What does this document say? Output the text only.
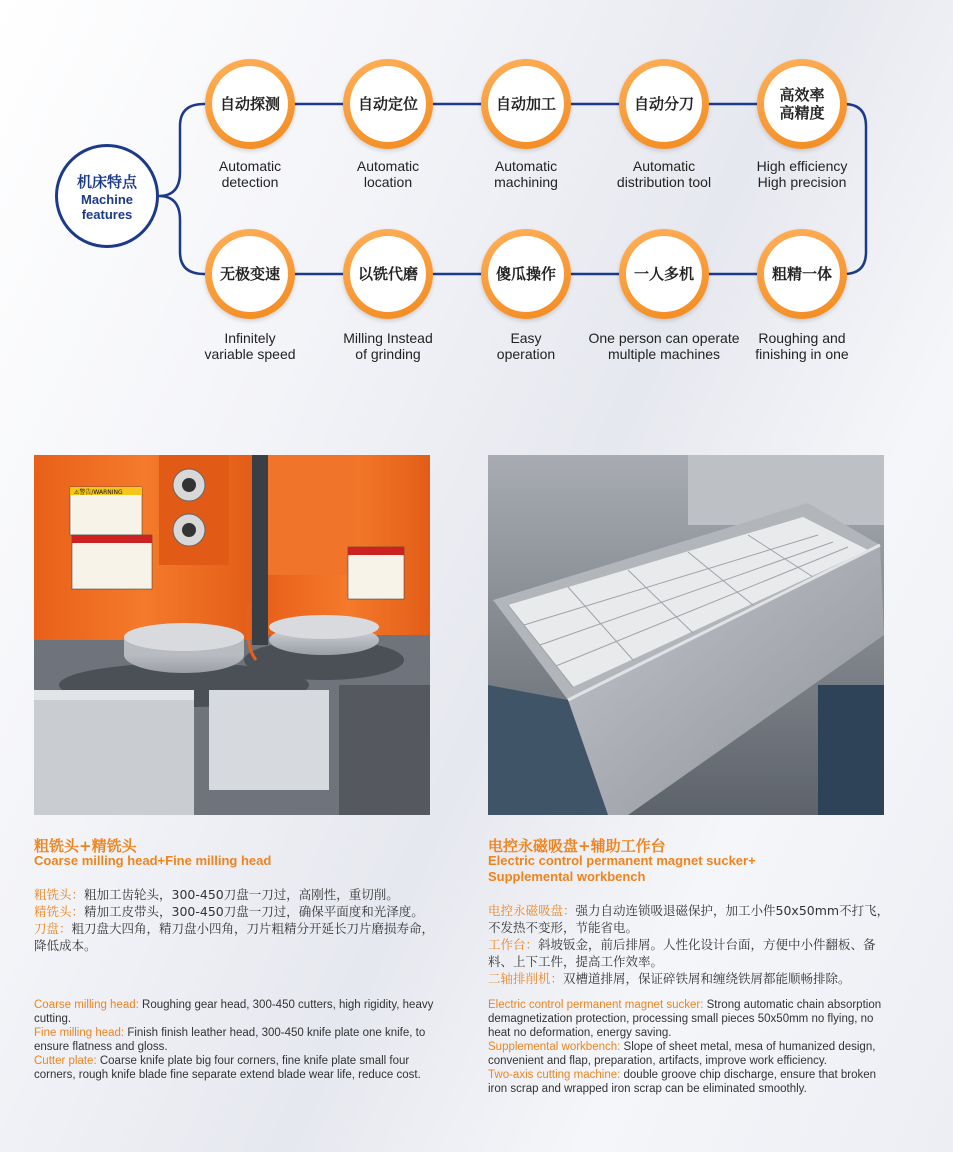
机床特点
Machine features
自动探测	自动定位	自动加工	自动分刀	高效率
高精度
Automatic
detection
Automatic
location
Automatic
machining
Automatic
distribution tool
High efficiency
High precision
无极变速	以铣代磨	傻瓜操作	一人多机	粗精一体
Infinitely
variable speed
Milling Instead
of grinding
Easy
operation
One person can operate
multiple machines
Roughing and
finishing in one
⚠警告/WARNING
粗铣头+精铣头
Coarse milling head+Fine milling head
粗铣头：粗加工齿轮头，300-450刀盘一刀过，高刚性，重切削。
精铣头：精加工皮带头，300-450刀盘一刀过，确保平面度和光泽度。
刀盘：粗刀盘大四角，精刀盘小四角，刀片粗精分开延长刀片磨损寿命，降低成本。
Coarse milling head: Roughing gear head, 300-450 cutters, high rigidity, heavy cutting.
Fine milling head: Finish finish leather head, 300-450 knife plate one knife, to ensure flatness and gloss.
Cutter plate: Coarse knife plate big four corners, fine knife plate small four corners, rough knife blade fine separate extend blade wear life, reduce cost.
电控永磁吸盘+辅助工作台
Electric control permanent magnet sucker+
Supplemental workbench
电控永磁吸盘：强力自动连锁吸退磁保护，加工小件50x50mm不打飞，不发热不变形，节能省电。
工作台：斜坡钣金，前后排屑。人性化设计台面，方便中小件翻板、备料、上下工件，提高工作效率。
二轴排削机：双槽道排屑，保证碎铁屑和缠绕铁屑都能顺畅排除。
Electric control permanent magnet sucker: Strong automatic chain absorption demagnetization protection, processing small pieces 50x50mm no flying, no heat no deformation, energy saving.
Supplemental workbench: Slope of sheet metal, mesa of humanized design, convenient and flap, preparation, artifacts, improve work efficiency.
Two-axis cutting machine: double groove chip discharge, ensure that broken iron scrap and wrapped iron scrap can be eliminated smoothly.
